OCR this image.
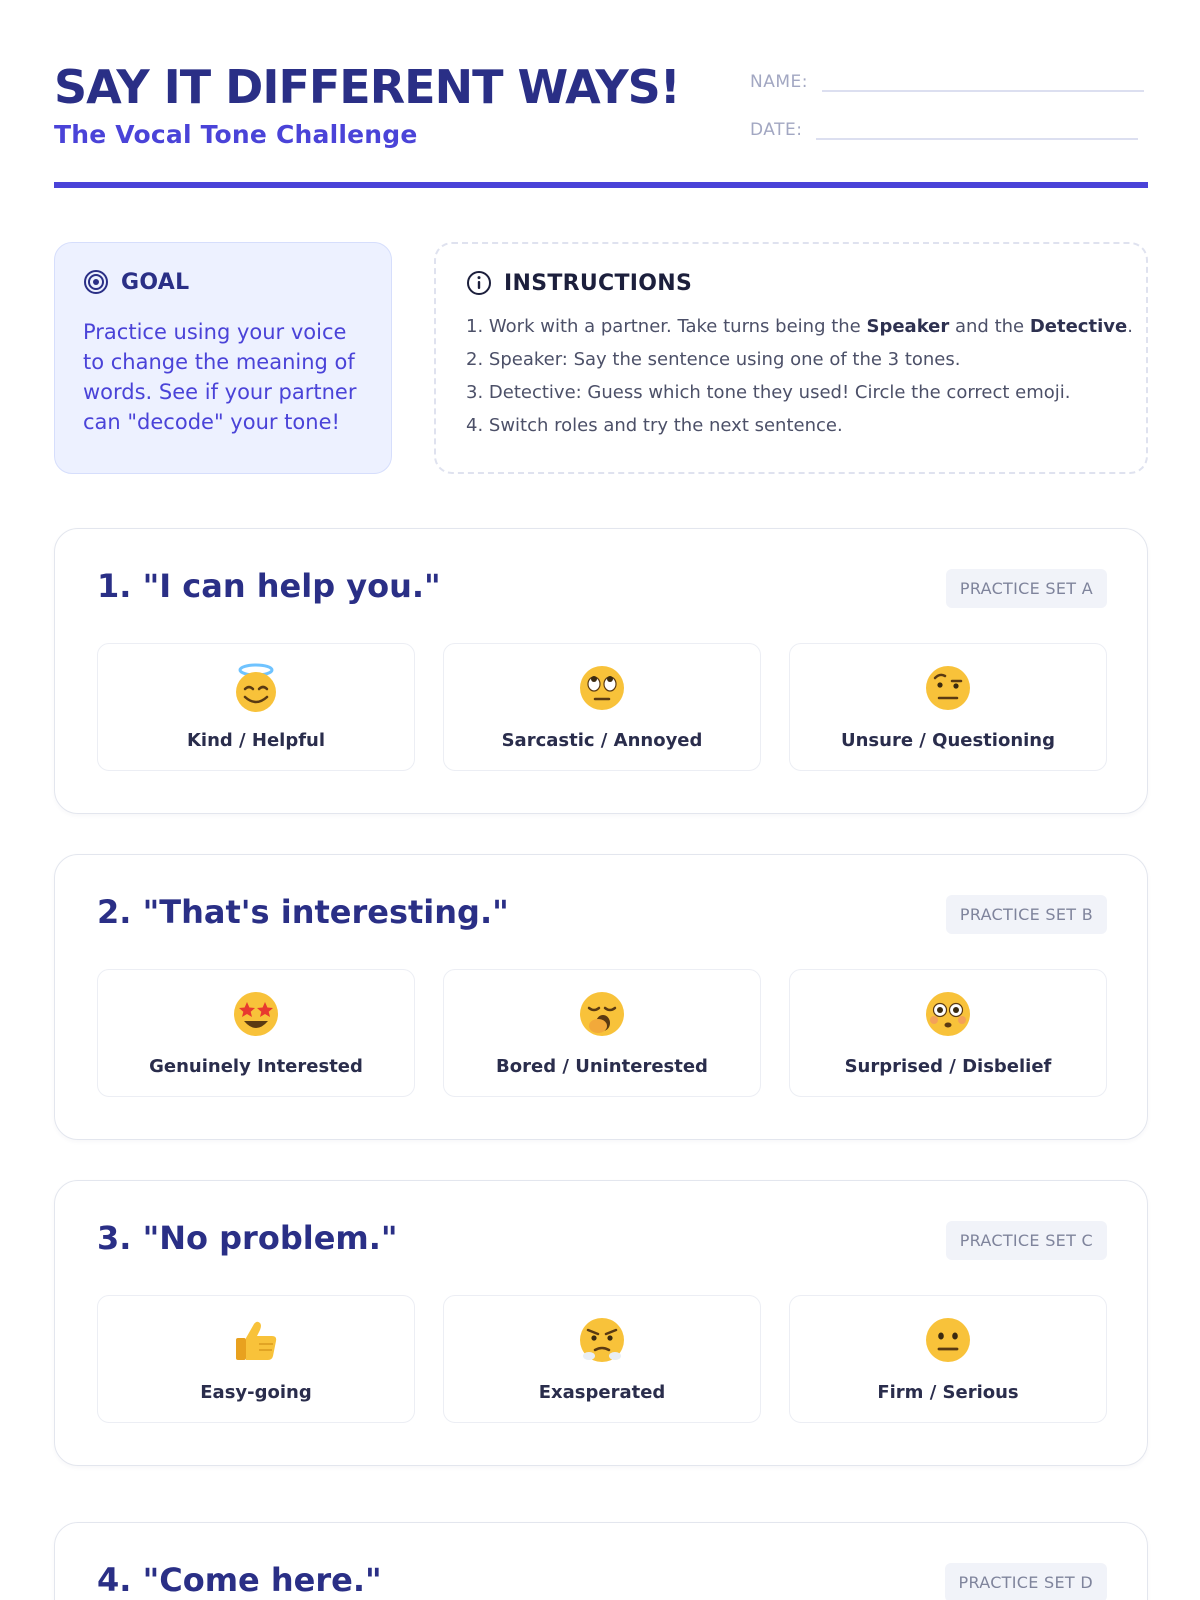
SAY IT DIFFERENT WAYS!
The Vocal Tone Challenge
NAME:
DATE:
GOAL
Practice using your voice to change the meaning of words. See if your partner can "decode" your tone!
INSTRUCTIONS
1. Work with a partner. Take turns being the Speaker and the Detective.
2. Speaker: Say the sentence using one of the 3 tones.
3. Detective: Guess which tone they used! Circle the correct emoji.
4. Switch roles and try the next sentence.
1. "I can help you."	PRACTICE SET A
Kind / Helpful	Sarcastic / Annoyed	Unsure / Questioning
2. "That's interesting."	PRACTICE SET B
Genuinely Interested	Bored / Uninterested	Surprised / Disbelief
3. "No problem."	PRACTICE SET C
Easy-going	Exasperated	Firm / Serious
4. "Come here."	PRACTICE SET D
